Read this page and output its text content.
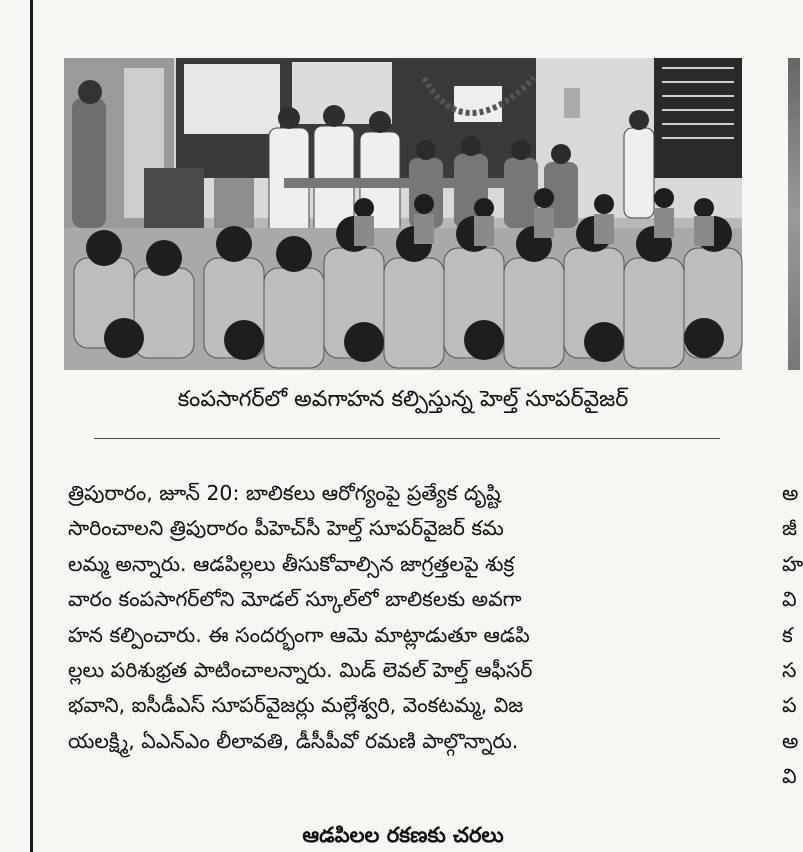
కంపసాగర్‌లో అవగాహన కల్పిస్తున్న హెల్త్ సూపర్‌వైజర్
త్రిపురారం, జూన్ 20: బాలికలు ఆరోగ్యంపై ప్రత్యేక దృష్టి
సారించాలని త్రిపురారం పీహెచ్‌సీ హెల్త్ సూపర్‌వైజర్ కమ
లమ్మ అన్నారు. ఆడపిల్లలు తీసుకోవాల్సిన జాగ్రత్తలపై శుక్ర
వారం కంపసాగర్‌లోని మోడల్ స్కూల్‌లో బాలికలకు అవగా
హన కల్పించారు. ఈ సందర్భంగా ఆమె మాట్లాడుతూ ఆడపి
ల్లలు పరిశుభ్రత పాటించాలన్నారు. మిడ్ లెవల్ హెల్త్ ఆఫీసర్
భవాని, ఐసీడీఎస్ సూపర్‌వైజర్లు మల్లేశ్వరి, వెంకటమ్మ, విజ
యలక్ష్మి, ఏఎన్ఎం లీలావతి, డీసీపీవో రమణి పాల్గొన్నారు.
ఆడపిలల రకణకు చరలు
అ
జీ
హ
వి
క
స
ప
అ
వి
